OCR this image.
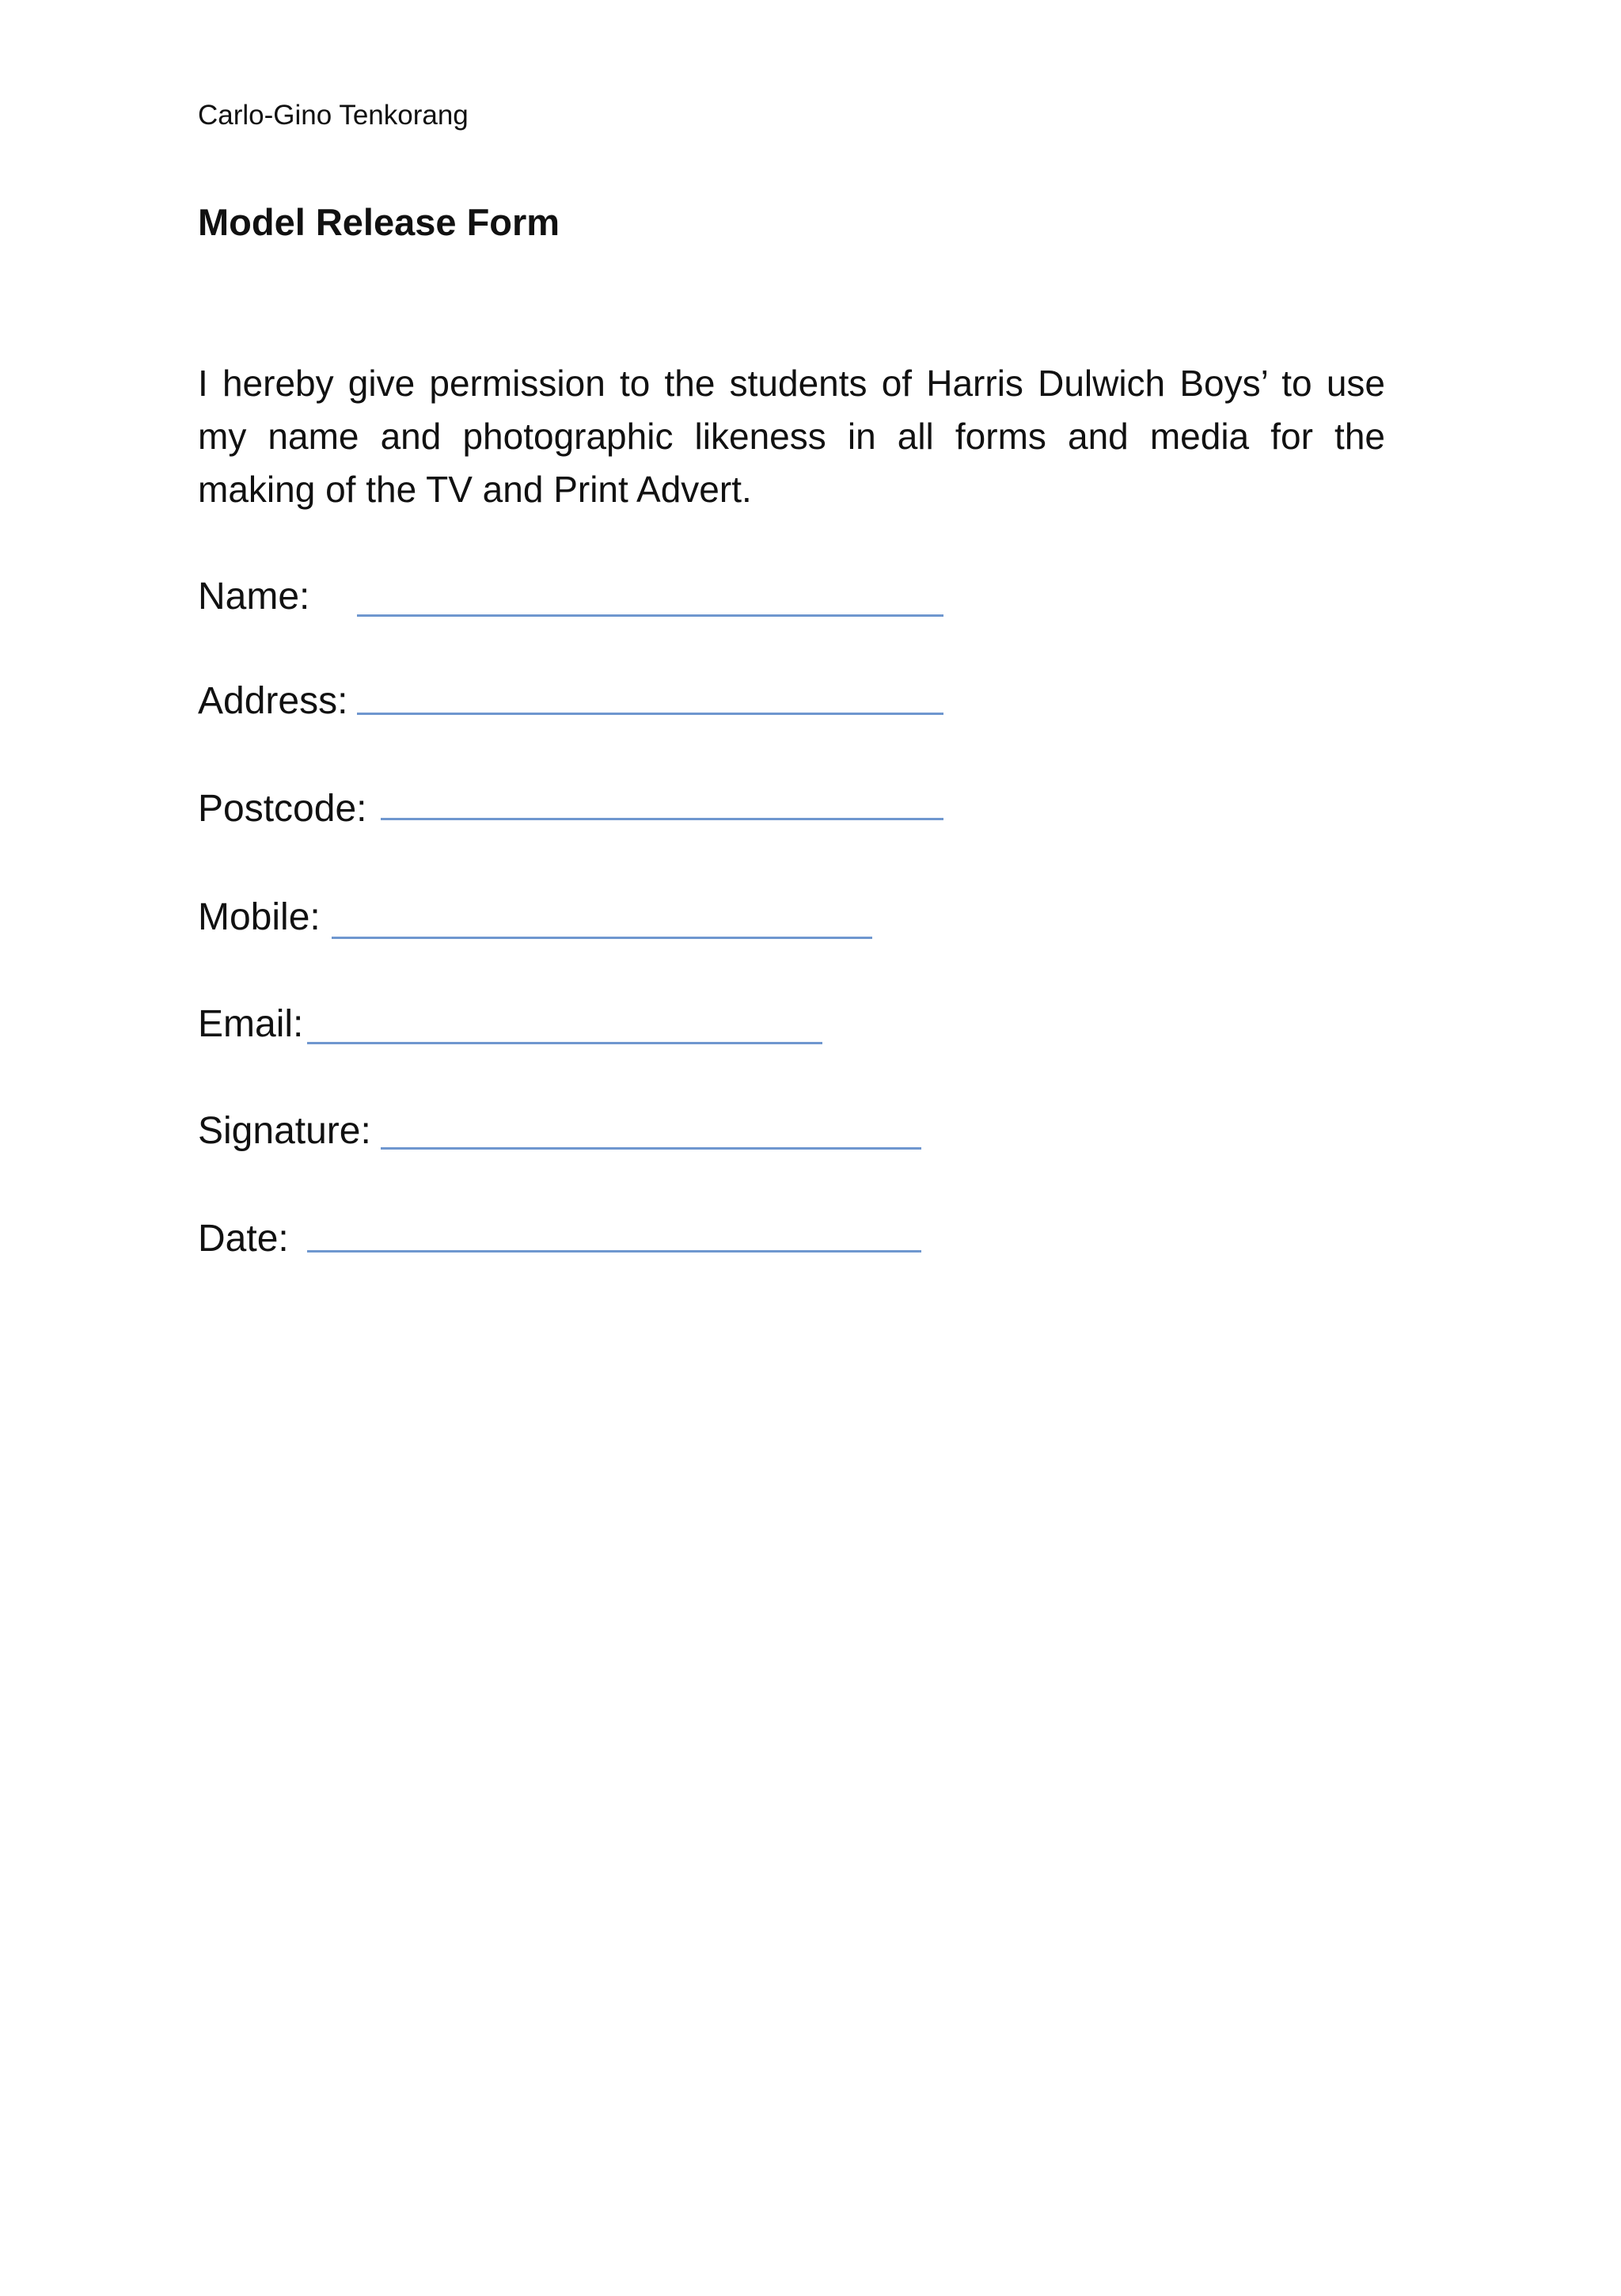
Carlo-Gino Tenkorang
Model Release Form

I hereby give permission to the students of Harris Dulwich Boys’ to use my name and photographic likeness in all forms and media for the making of the TV and Print Advert.

Name:
Address:
Postcode:
Mobile:
Email:
Signature:
Date:
